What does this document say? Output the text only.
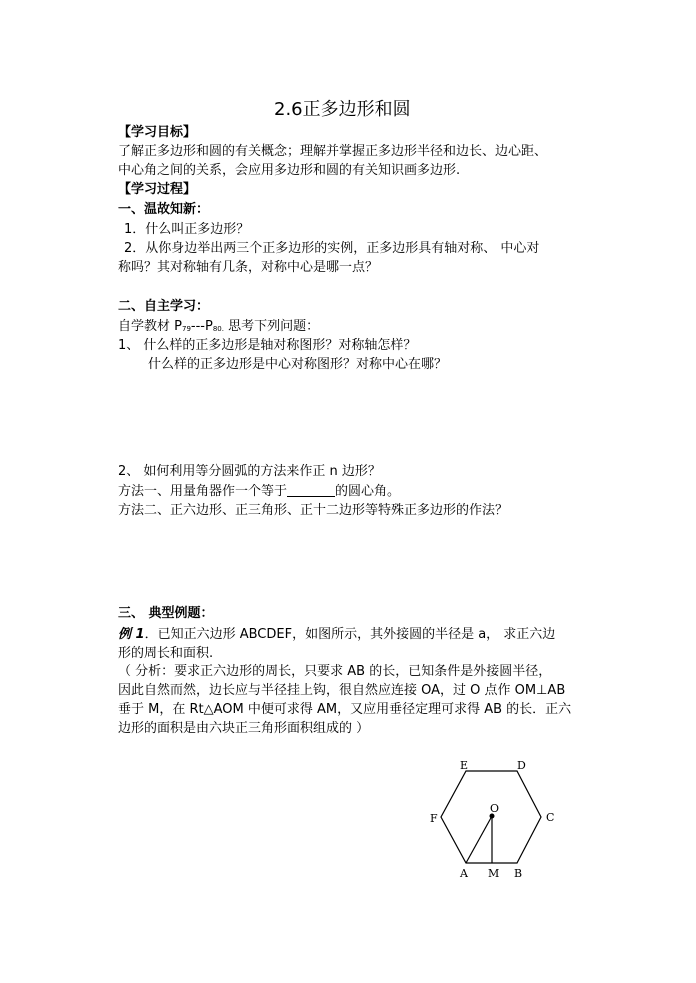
2.6正多边形和圆
【学习目标】
了解正多边形和圆的有关概念；理解并掌握正多边形半径和边长、边心距、
中心角之间的关系，会应用多边形和圆的有关知识画多边形.
【学习过程】
一、温故知新：
1．什么叫正多边形？
2．从你身边举出两三个正多边形的实例，正多边形具有轴对称、 中心对
称吗？其对称轴有几条，对称中心是哪一点？
二、自主学习：
自学教材 P79---P80. 思考下列问题：
1、 什么样的正多边形是轴对称图形？对称轴怎样？
什么样的正多边形是中心对称图形？对称中心在哪？
2、 如何利用等分圆弧的方法来作正 n 边形？
方法一、用量角器作一个等于	的圆心角。
方法二、正六边形、正三角形、正十二边形等特殊正多边形的作法？
三、 典型例题：
例 1．已知正六边形 ABCDEF，如图所示，其外接圆的半径是 a， 求正六边
形的周长和面积.
（ 分析：要求正六边形的周长，只要求 AB 的长，已知条件是外接圆半径，
因此自然而然，边长应与半径挂上钩，很自然应连接 OA，过 O 点作 OM⊥AB
垂于 M，在 Rt△AOM 中便可求得 AM，又应用垂径定理可求得 AB 的长．正六
边形的面积是由六块正三角形面积组成的 ）
E	D
C
F
O
A M B
